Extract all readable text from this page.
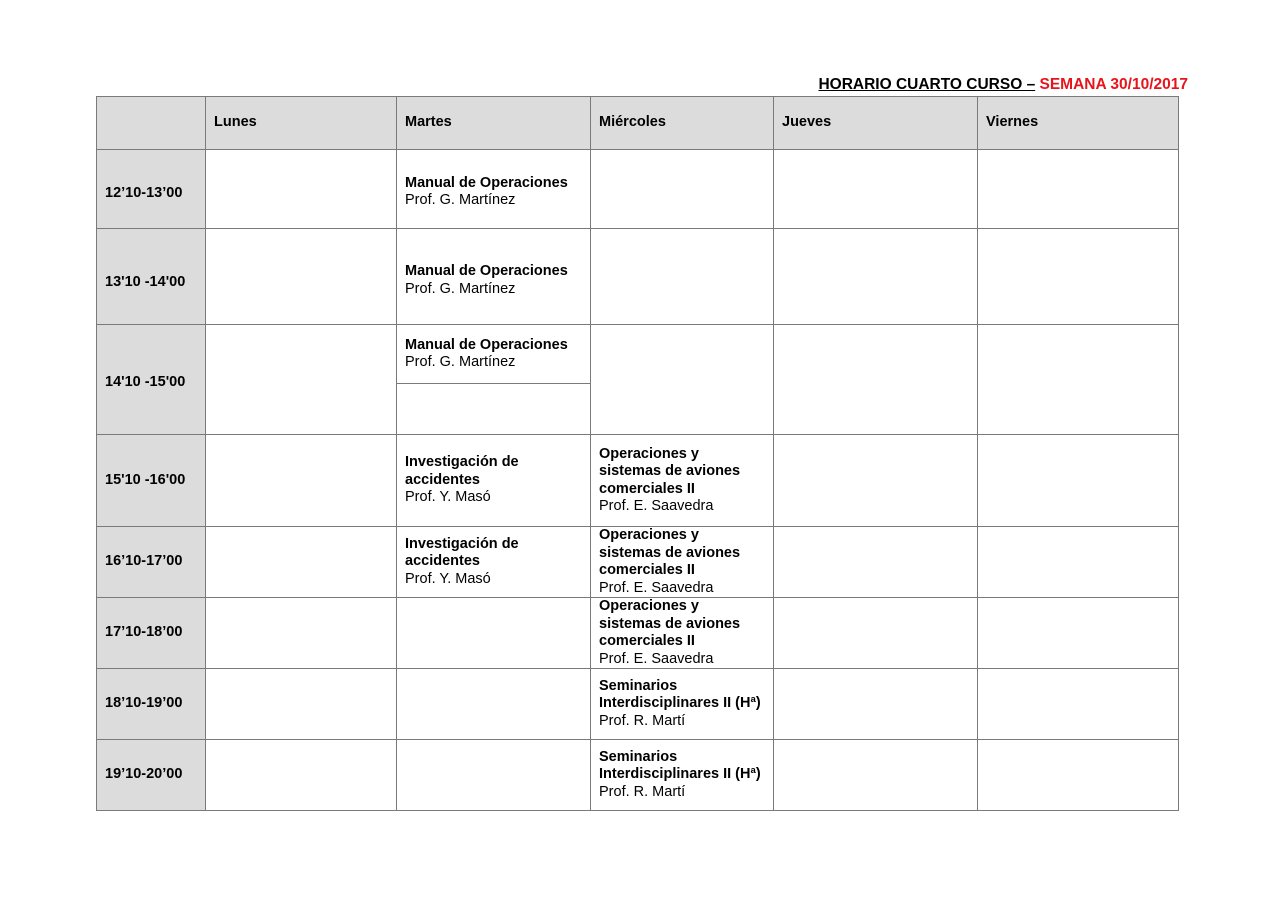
HORARIO CUARTO CURSO – SEMANA 30/10/2017
	Lunes	Martes	Miércoles	Jueves	Viernes
12’10-13’00		Manual de Operaciones
Prof. G. Martínez			

13'10 -14'00		Manual de Operaciones
Prof. G. Martínez			

14'10 -15'00		Manual de Operaciones
Prof. G. Martínez			

15'10 -16'00		Investigación de accidentes
Prof. Y. Masó	Operaciones y sistemas de aviones comerciales II
Prof. E. Saavedra		

16’10-17’00		Investigación de accidentes
Prof. Y. Masó	Operaciones y sistemas de aviones comerciales II
Prof. E. Saavedra		

17’10-18’00			Operaciones y sistemas de aviones comerciales II
Prof. E. Saavedra		

18’10-19’00			Seminarios Interdisciplinares II (Hª)
Prof. R. Martí		

19’10-20’00			Seminarios Interdisciplinares II (Hª)
Prof. R. Martí		
